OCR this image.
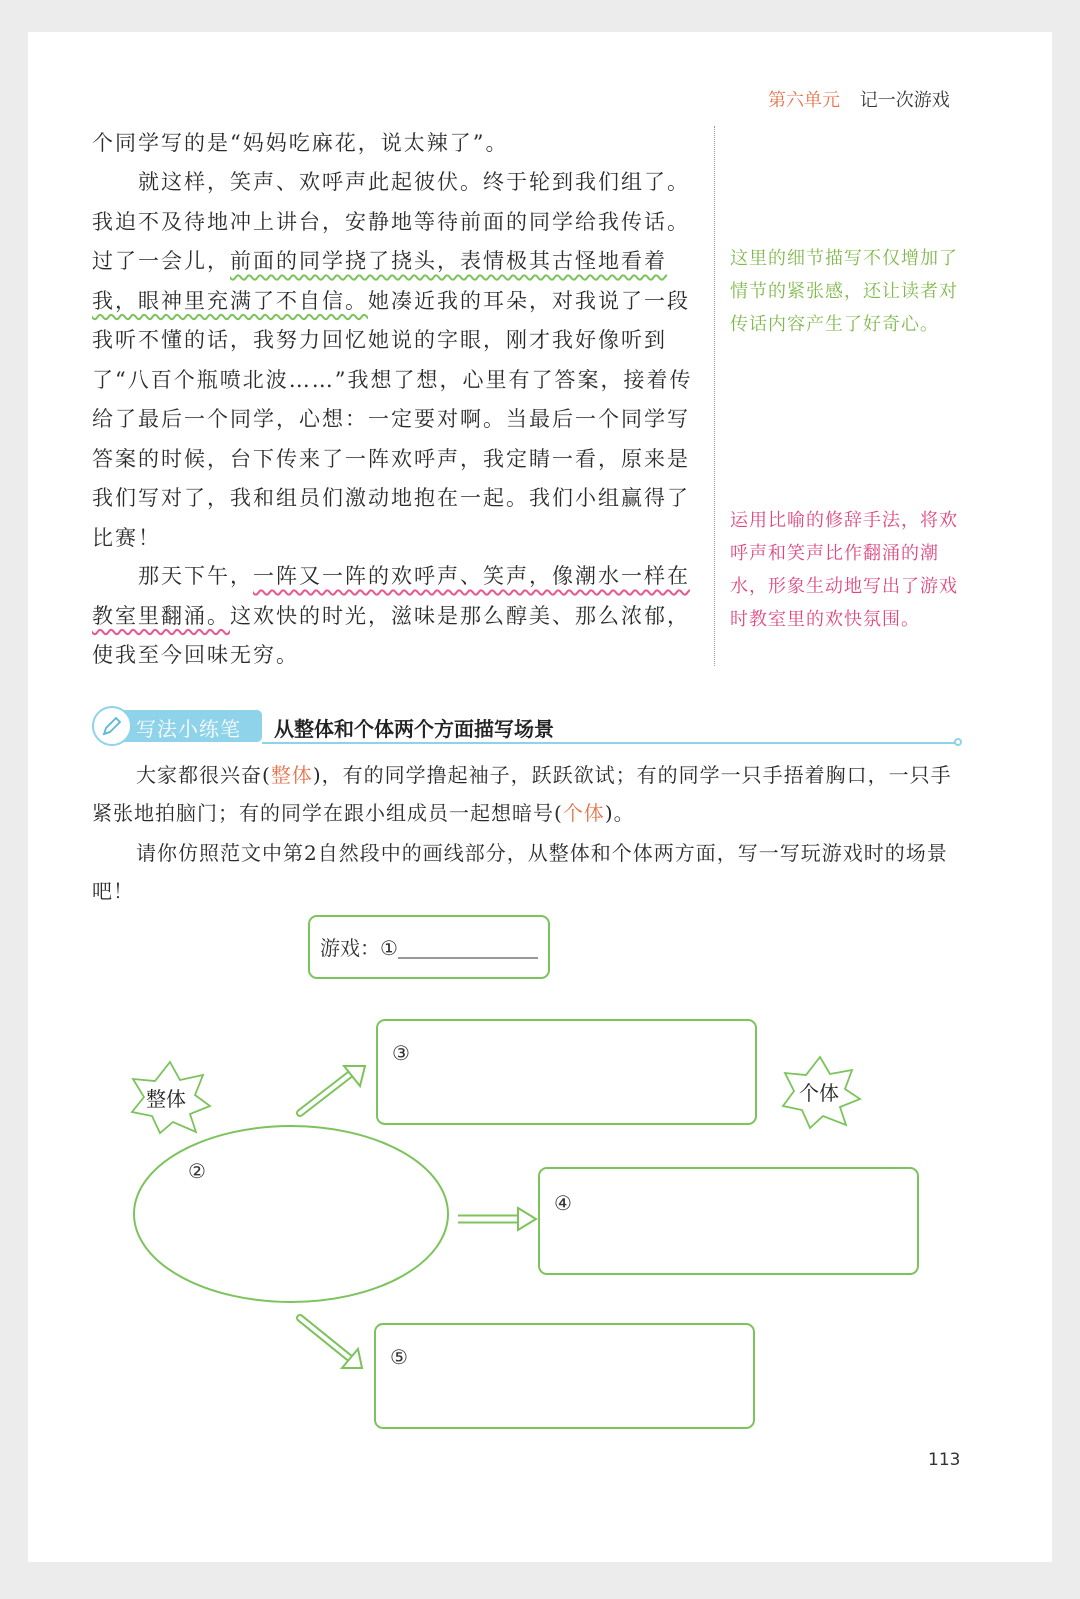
第六单元 记一次游戏
个同学写的是“妈妈吃麻花，说太辣了”。
就这样，笑声、欢呼声此起彼伏。终于轮到我们组了。我迫不及待地冲上讲台，安静地等待前面的同学给我传话。过了一会儿，前面的同学挠了挠头，表情极其古怪地看着我，眼神里充满了不自信。她凑近我的耳朵，对我说了一段我听不懂的话，我努力回忆她说的字眼，刚才我好像听到了“八百个瓶喷北波……”我想了想，心里有了答案，接着传给了最后一个同学，心想：一定要对啊。当最后一个同学写答案的时候，台下传来了一阵欢呼声，我定睛一看，原来是我们写对了，我和组员们激动地抱在一起。我们小组赢得了比赛！
那天下午，一阵又一阵的欢呼声、笑声，像潮水一样在教室里翻涌。这欢快的时光，滋味是那么醇美、那么浓郁，使我至今回味无穷。
这里的细节描写不仅增加了情节的紧张感，还让读者对传话内容产生了好奇心。
运用比喻的修辞手法，将欢呼声和笑声比作翻涌的潮水，形象生动地写出了游戏时教室里的欢快氛围。
写法小练笔 从整体和个体两个方面描写场景
大家都很兴奋(整体)，有的同学撸起袖子，跃跃欲试；有的同学一只手捂着胸口，一只手紧张地拍脑门；有的同学在跟小组成员一起想暗号(个体)。
请你仿照范文中第2自然段中的画线部分，从整体和个体两方面，写一写玩游戏时的场景吧！
游戏：①
整体	个体
②
③
④
⑤
113
